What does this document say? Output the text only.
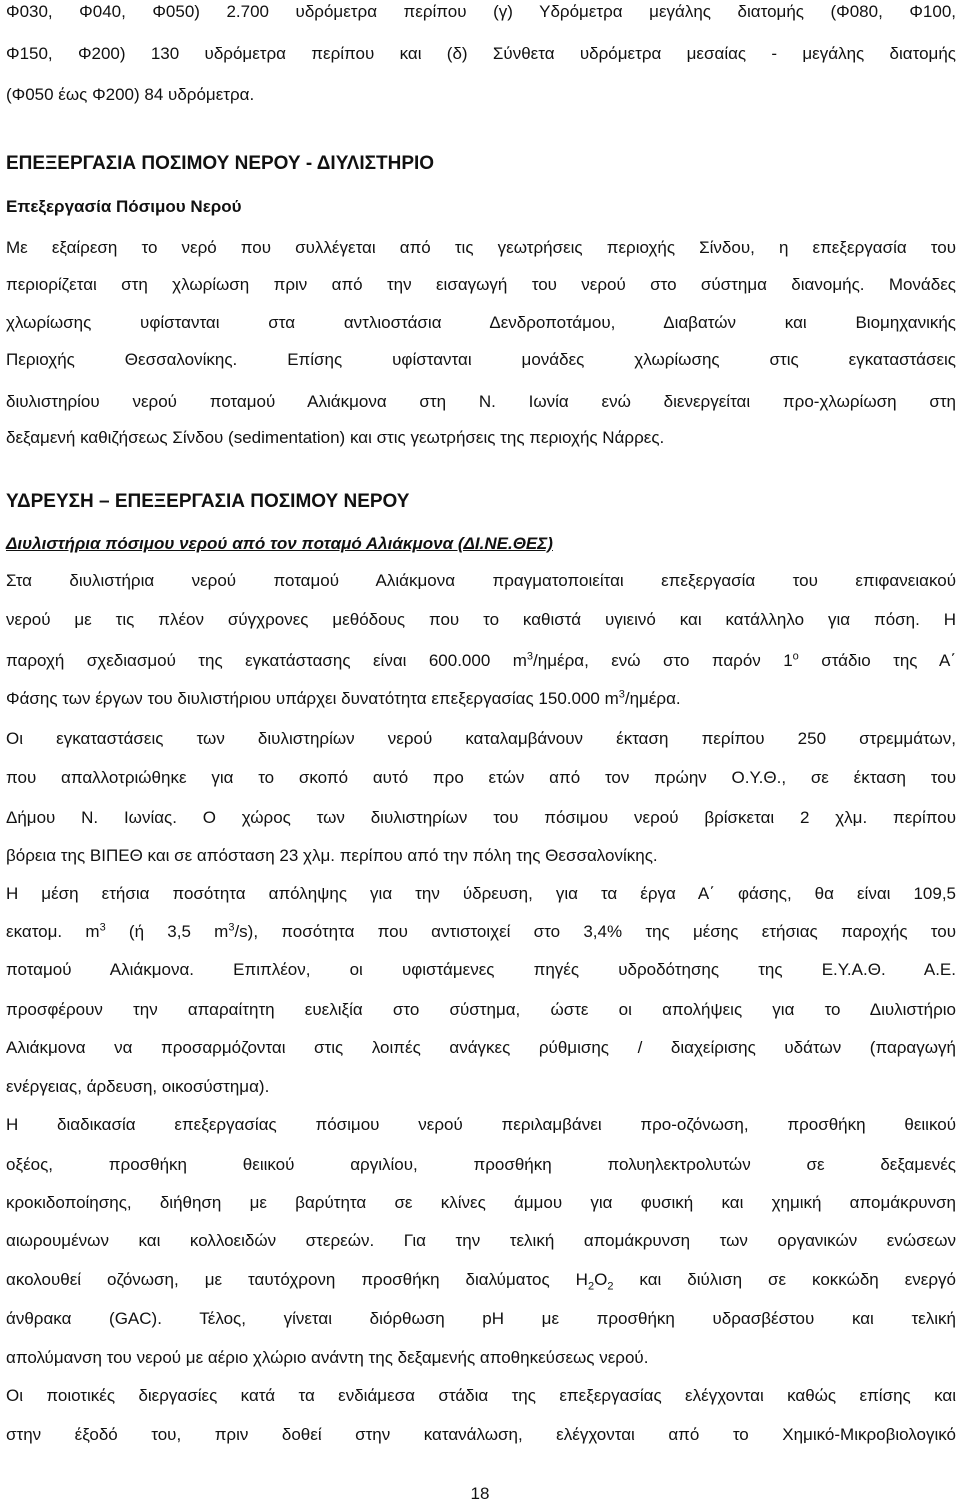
Φ030, Φ040, Φ050) 2.700 υδρόμετρα περίπου (γ) Υδρόμετρα μεγάλης διατομής (Φ080, Φ100,
Φ150, Φ200) 130 υδρόμετρα περίπου και (δ) Σύνθετα υδρόμετρα μεσαίας - μεγάλης διατομής
(Φ050 έως Φ200) 84 υδρόμετρα.
ΕΠΕΞΕΡΓΑΣΙΑ ΠΟΣΙΜΟΥ ΝΕΡΟΥ - ΔΙΥΛΙΣΤΗΡΙΟ
Επεξεργασία Πόσιμου Νερού
Με εξαίρεση το νερό που συλλέγεται από τις γεωτρήσεις περιοχής Σίνδου, η επεξεργασία του
περιορίζεται στη χλωρίωση πριν από την εισαγωγή του νερού στο σύστημα διανομής. Μονάδες
χλωρίωσης υφίστανται στα αντλιοστάσια Δενδροποτάμου, Διαβατών και Βιομηχανικής
Περιοχής Θεσσαλονίκης. Επίσης υφίστανται μονάδες χλωρίωσης στις εγκαταστάσεις
διυλιστηρίου νερού ποταμού Αλιάκμονα στη Ν. Ιωνία ενώ διενεργείται προ-χλωρίωση στη
δεξαμενή καθιζήσεως Σίνδου (sedimentation) και στις γεωτρήσεις της περιοχής Νάρρες.
ΥΔΡΕΥΣΗ – ΕΠΕΞΕΡΓΑΣΙΑ ΠΟΣΙΜΟΥ ΝΕΡΟΥ
Διυλιστήρια πόσιμου νερού από τον ποταμό Αλιάκμονα (ΔΙ.ΝΕ.ΘΕΣ)
Στα διυλιστήρια νερού ποταμού Αλιάκμονα πραγματοποιείται επεξεργασία του επιφανειακού
νερού με τις πλέον σύγχρονες μεθόδους που το καθιστά υγιεινό και κατάλληλο για πόση. Η
παροχή σχεδιασμού της εγκατάστασης είναι 600.000 $m^3$/ημέρα, ενώ στο παρόν $1^o$ στάδιο της Α΄
Φάσης των έργων του διυλιστήριου υπάρχει δυνατότητα επεξεργασίας 150.000 $m^3$/ημέρα.
Οι εγκαταστάσεις των διυλιστηρίων νερού καταλαμβάνουν έκταση περίπου 250 στρεμμάτων,
που απαλλοτριώθηκε για το σκοπό αυτό προ ετών από τον πρώην Ο.Υ.Θ., σε έκταση του
Δήμου Ν. Ιωνίας. Ο χώρος των διυλιστηρίων του πόσιμου νερού βρίσκεται 2 χλμ. περίπου
βόρεια της ΒΙΠΕΘ και σε απόσταση 23 χλμ. περίπου από την πόλη της Θεσσαλονίκης.
Η μέση ετήσια ποσότητα απόληψης για την ύδρευση, για τα έργα Α΄ φάσης, θα είναι 109,5
εκατομ. $m^3$ (ή 3,5 $m^3/s$), ποσότητα που αντιστοιχεί στο 3,4% της μέσης ετήσιας παροχής του
ποταμού Αλιάκμονα. Επιπλέον, οι υφιστάμενες πηγές υδροδότησης της Ε.Υ.Α.Θ. Α.Ε.
προσφέρουν την απαραίτητη ευελιξία στο σύστημα, ώστε οι απολήψεις για το Διυλιστήριο
Αλιάκμονα να προσαρμόζονται στις λοιπές ανάγκες ρύθμισης / διαχείρισης υδάτων (παραγωγή
ενέργειας, άρδευση, οικοσύστημα).
Η διαδικασία επεξεργασίας πόσιμου νερού περιλαμβάνει προ-οζόνωση, προσθήκη θειικού
οξέος, προσθήκη θειικού αργιλίου, προσθήκη πολυηλεκτρολυτών σε δεξαμενές
κροκιδοποίησης, διήθηση με βαρύτητα σε κλίνες άμμου για φυσική και χημική απομάκρυνση
αιωρουμένων και κολλοειδών στερεών. Για την τελική απομάκρυνση των οργανικών ενώσεων
ακολουθεί οζόνωση, με ταυτόχρονη προσθήκη διαλύματος $H_2O_2$ και διύλιση σε κοκκώδη ενεργό
άνθρακα (GAC). Τέλος, γίνεται διόρθωση pH με προσθήκη υδρασβέστου και τελική
απολύμανση του νερού με αέριο χλώριο ανάντη της δεξαμενής αποθηκεύσεως νερού.
Οι ποιοτικές διεργασίες κατά τα ενδιάμεσα στάδια της επεξεργασίας ελέγχονται καθώς επίσης και
στην έξοδό του, πριν δοθεί στην κατανάλωση, ελέγχονται από το Χημικό-Μικροβιολογικό
18
